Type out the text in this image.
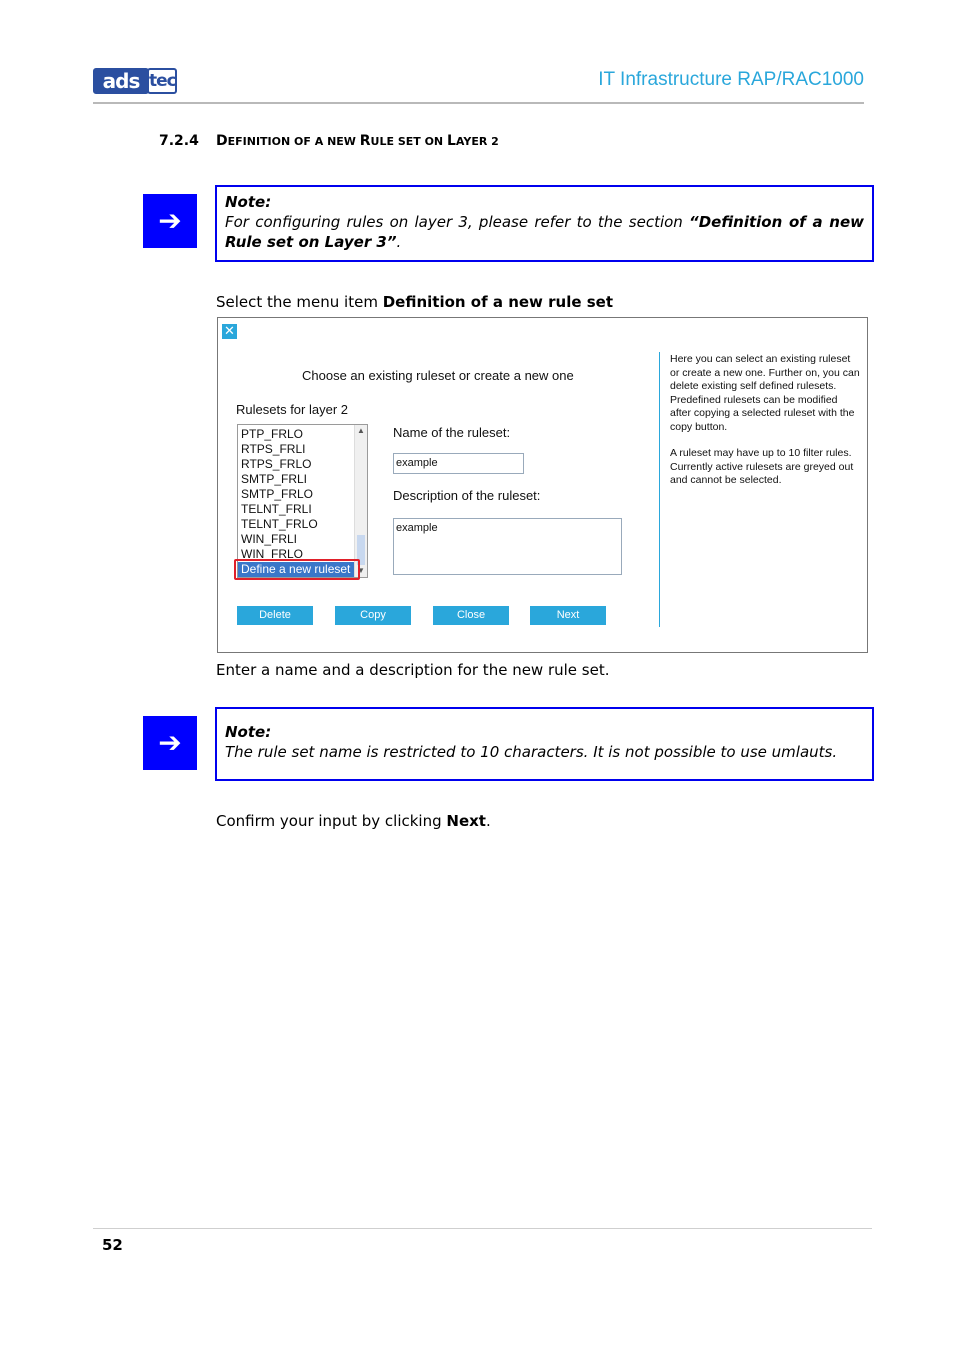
ads tec	IT Infrastructure RAP/RAC1000
7.2.4 DEFINITION OF A NEW RULE SET ON LAYER 2
➔
Note:
For configuring rules on layer 3, please refer to the section “Definition of a new Rule set on Layer 3”.
Select the menu item Definition of a new rule set
✕
Choose an existing ruleset or create a new one
Rulesets for layer 2
PTP_FRLO
RTPS_FRLI
RTPS_FRLO
SMTP_FRLI
SMTP_FRLO
TELNT_FRLI
TELNT_FRLO
WIN_FRLI
WIN_FRLO
Define a new ruleset
▲
▼
Name of the ruleset:
example
Description of the ruleset:
example
Delete	Copy	Close	Next

Here you can select an existing ruleset or create a new one. Further on, you can delete existing self defined rulesets. Predefined rulesets can be modified after copying a selected ruleset with the copy button.

A ruleset may have up to 10 filter rules. Currently active rulesets are greyed out and cannot be selected.

Enter a name and a description for the new rule set.
➔	Note:
The rule set name is restricted to 10 characters. It is not possible to use umlauts.
Confirm your input by clicking Next.
52
